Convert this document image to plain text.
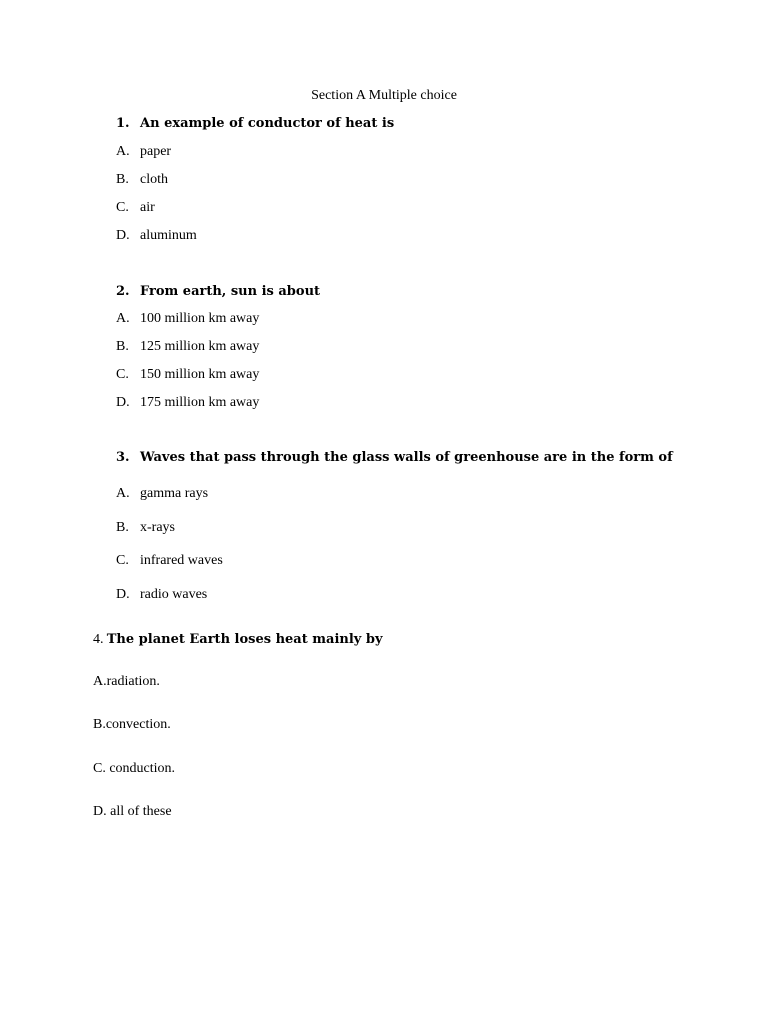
Section A Multiple choice
1. An example of conductor of heat is
A. paper
B. cloth
C. air
D. aluminum
2. From earth, sun is about
A. 100 million km away
B. 125 million km away
C. 150 million km away
D. 175 million km away
3. Waves that pass through the glass walls of greenhouse are in the form of
A. gamma rays
B. x-rays
C. infrared waves
D. radio waves
4. The planet Earth loses heat mainly by
A.radiation.
B.convection.
C. conduction.
D. all of these
